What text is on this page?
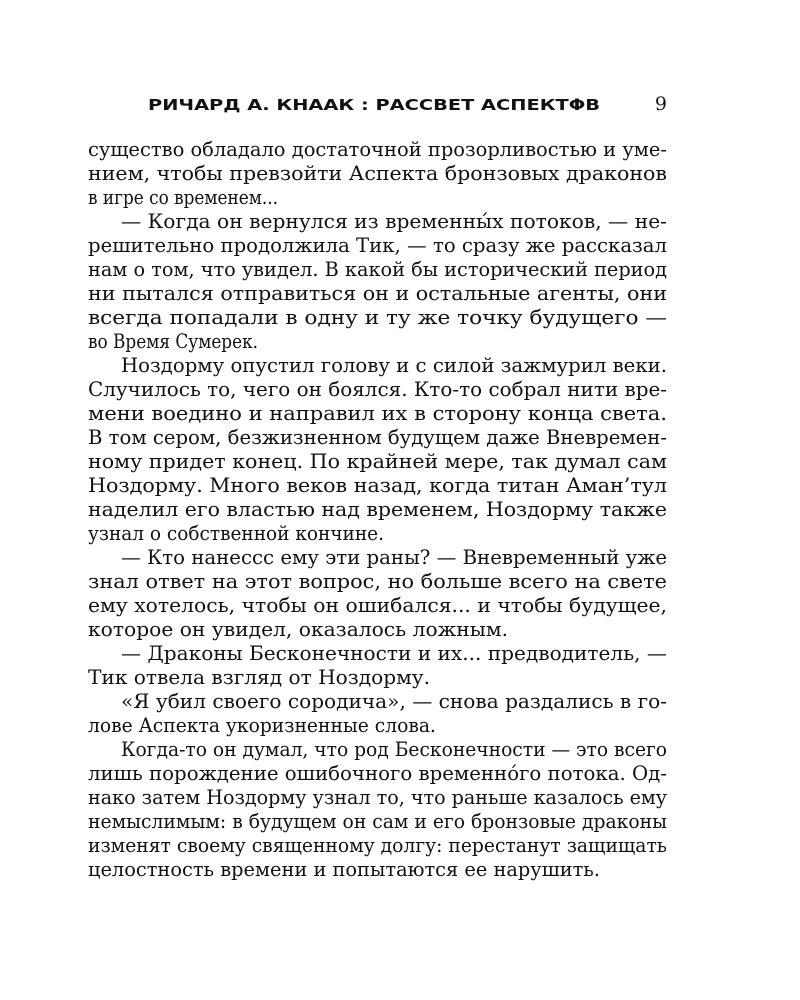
РИЧАРД А. КНААК : РАССВЕТ АСПЕКТΦВ	9
существо обладало достаточной прозорливостью и уме-
нием, чтобы превзойти Аспекта бронзовых драконов
в игре со временем...
— Когда он вернулся из временны́х потоков, — не-
решительно продолжила Тик, — то сразу же рассказал
нам о том, что увидел. В какой бы исторический период
ни пытался отправиться он и остальные агенты, они
всегда попадали в одну и ту же точку будущего —
во Время Сумерек.
Ноздорму опустил голову и с силой зажмурил веки.
Случилось то, чего он боялся. Кто-то собрал нити вре-
мени воедино и направил их в сторону конца света.
В том сером, безжизненном будущем даже Вневремен-
ному придет конец. По крайней мере, так думал сам
Ноздорму. Много веков назад, когда титан Аман’тул
наделил его властью над временем, Ноздорму также
узнал о собственной кончине.
— Кто нанессс ему эти раны? — Вневременный уже
знал ответ на этот вопрос, но больше всего на свете
ему хотелось, чтобы он ошибался... и чтобы будущее,
которое он увидел, оказалось ложным.
— Драконы Бесконечности и их... предводитель, —
Тик отвела взгляд от Ноздорму.
«Я убил своего сородича», — снова раздались в го-
лове Аспекта укоризненные слова.
Когда-то он думал, что род Бесконечности — это всего
лишь порождение ошибочного временно́го потока. Од-
нако затем Ноздорму узнал то, что раньше казалось ему
немыслимым: в будущем он сам и его бронзовые драконы
изменят своему священному долгу: перестанут защищать
целостность времени и попытаются ее нарушить.
